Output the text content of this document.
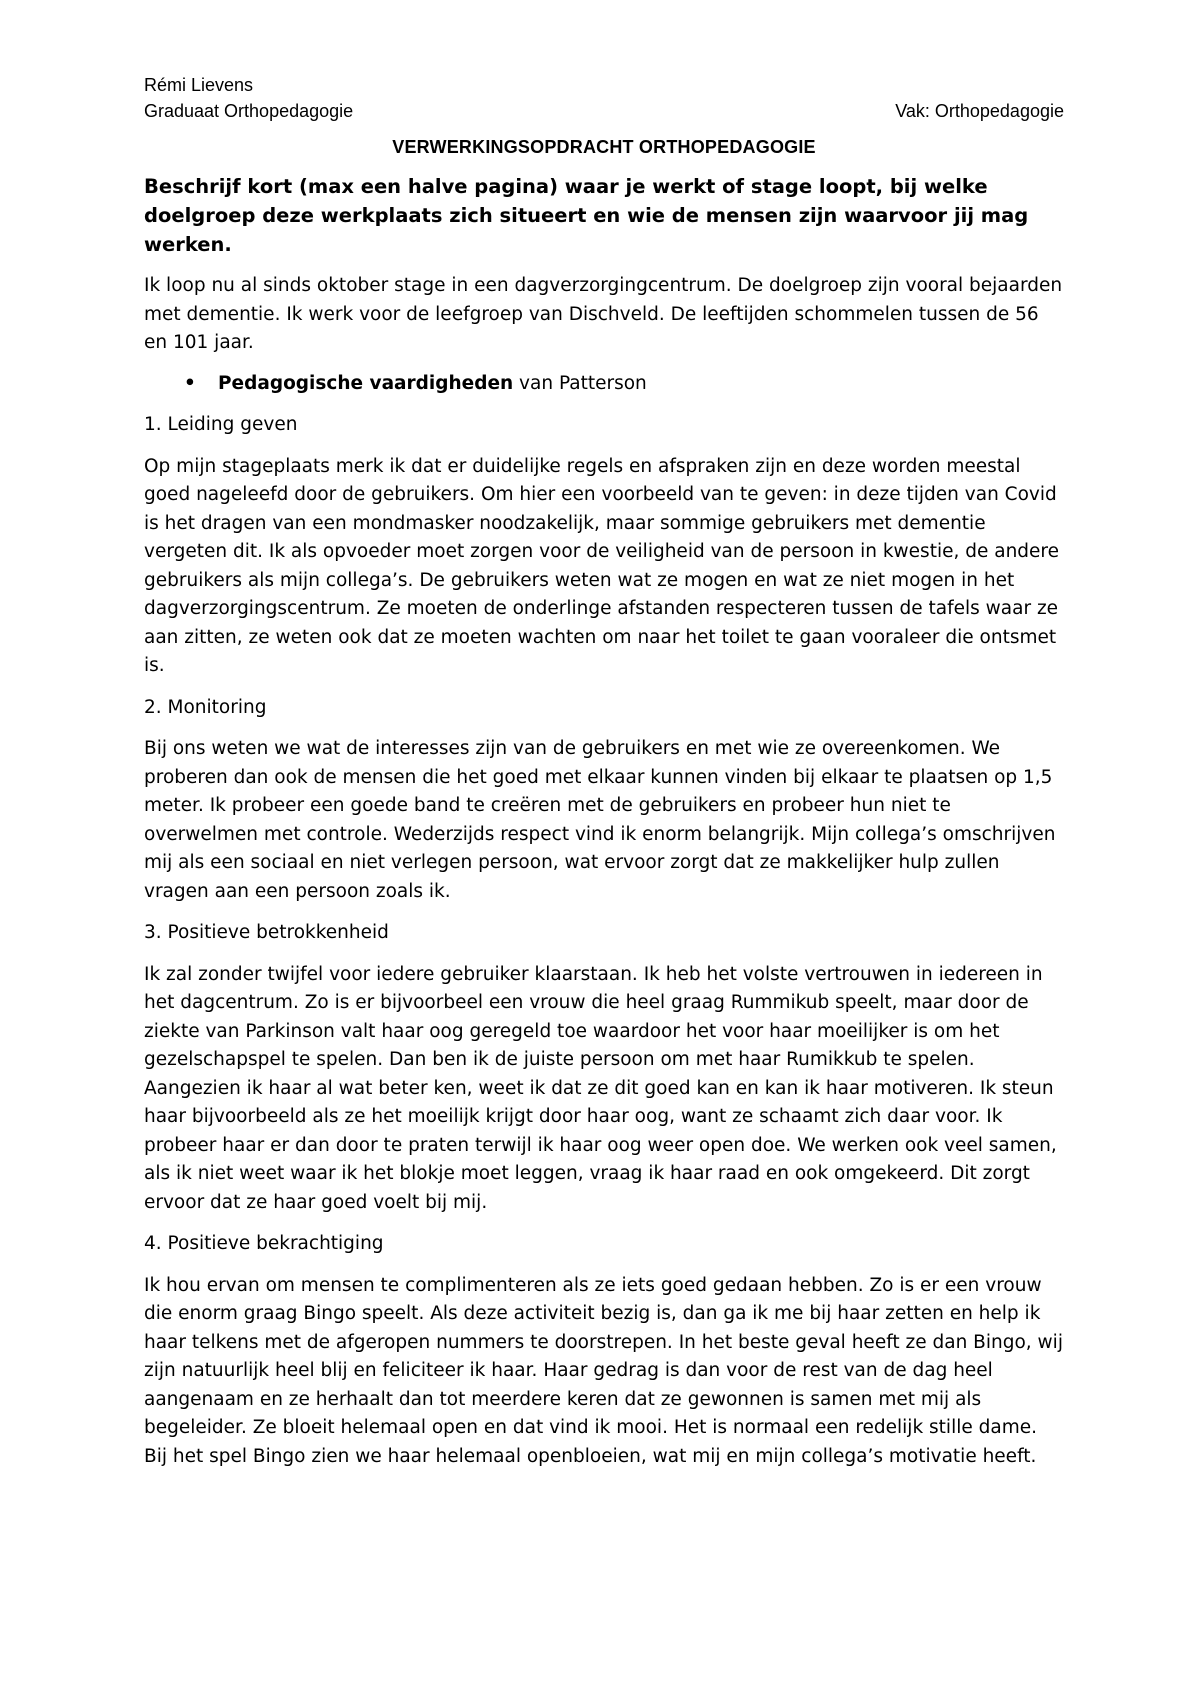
Rémi Lievens
Graduaat Orthopedagogie	Vak: Orthopedagogie
VERWERKINGSOPDRACHT ORTHOPEDAGOGIE
Beschrijf kort (max een halve pagina) waar je werkt of stage loopt, bij welke doelgroep deze werkplaats zich situeert en wie de mensen zijn waarvoor jij mag werken.
Ik loop nu al sinds oktober stage in een dagverzorgingcentrum. De doelgroep zijn vooral bejaarden met dementie. Ik werk voor de leefgroep van Dischveld. De leeftijden schommelen tussen de 56 en 101 jaar.
•	Pedagogische vaardigheden van Patterson
1. Leiding geven
Op mijn stageplaats merk ik dat er duidelijke regels en afspraken zijn en deze worden meestal goed nageleefd door de gebruikers. Om hier een voorbeeld van te geven: in deze tijden van Covid is het dragen van een mondmasker noodzakelijk, maar sommige gebruikers met dementie vergeten dit. Ik als opvoeder moet zorgen voor de veiligheid van de persoon in kwestie, de andere gebruikers als mijn collega’s. De gebruikers weten wat ze mogen en wat ze niet mogen in het dagverzorgingscentrum. Ze moeten de onderlinge afstanden respecteren tussen de tafels waar ze aan zitten, ze weten ook dat ze moeten wachten om naar het toilet te gaan vooraleer die ontsmet is.
2. Monitoring
Bij ons weten we wat de interesses zijn van de gebruikers en met wie ze overeenkomen. We proberen dan ook de mensen die het goed met elkaar kunnen vinden bij elkaar te plaatsen op 1,5 meter. Ik probeer een goede band te creëren met de gebruikers en probeer hun niet te overwelmen met controle. Wederzijds respect vind ik enorm belangrijk. Mijn collega’s omschrijven mij als een sociaal en niet verlegen persoon, wat ervoor zorgt dat ze makkelijker hulp zullen vragen aan een persoon zoals ik.
3. Positieve betrokkenheid
Ik zal zonder twijfel voor iedere gebruiker klaarstaan. Ik heb het volste vertrouwen in iedereen in het dagcentrum. Zo is er bijvoorbeel een vrouw die heel graag Rummikub speelt, maar door de ziekte van Parkinson valt haar oog geregeld toe waardoor het voor haar moeilijker is om het gezelschapspel te spelen. Dan ben ik de juiste persoon om met haar Rumikkub te spelen. Aangezien ik haar al wat beter ken, weet ik dat ze dit goed kan en kan ik haar motiveren. Ik steun haar bijvoorbeeld als ze het moeilijk krijgt door haar oog, want ze schaamt zich daar voor. Ik probeer haar er dan door te praten terwijl ik haar oog weer open doe. We werken ook veel samen, als ik niet weet waar ik het blokje moet leggen, vraag ik haar raad en ook omgekeerd. Dit zorgt ervoor dat ze haar goed voelt bij mij.
4. Positieve bekrachtiging
Ik hou ervan om mensen te complimenteren als ze iets goed gedaan hebben. Zo is er een vrouw die enorm graag Bingo speelt. Als deze activiteit bezig is, dan ga ik me bij haar zetten en help ik haar telkens met de afgeropen nummers te doorstrepen. In het beste geval heeft ze dan Bingo, wij zijn natuurlijk heel blij en feliciteer ik haar. Haar gedrag is dan voor de rest van de dag heel aangenaam en ze herhaalt dan tot meerdere keren dat ze gewonnen is samen met mij als begeleider. Ze bloeit helemaal open en dat vind ik mooi. Het is normaal een redelijk stille dame. Bij het spel Bingo zien we haar helemaal openbloeien, wat mij en mijn collega’s motivatie heeft.
